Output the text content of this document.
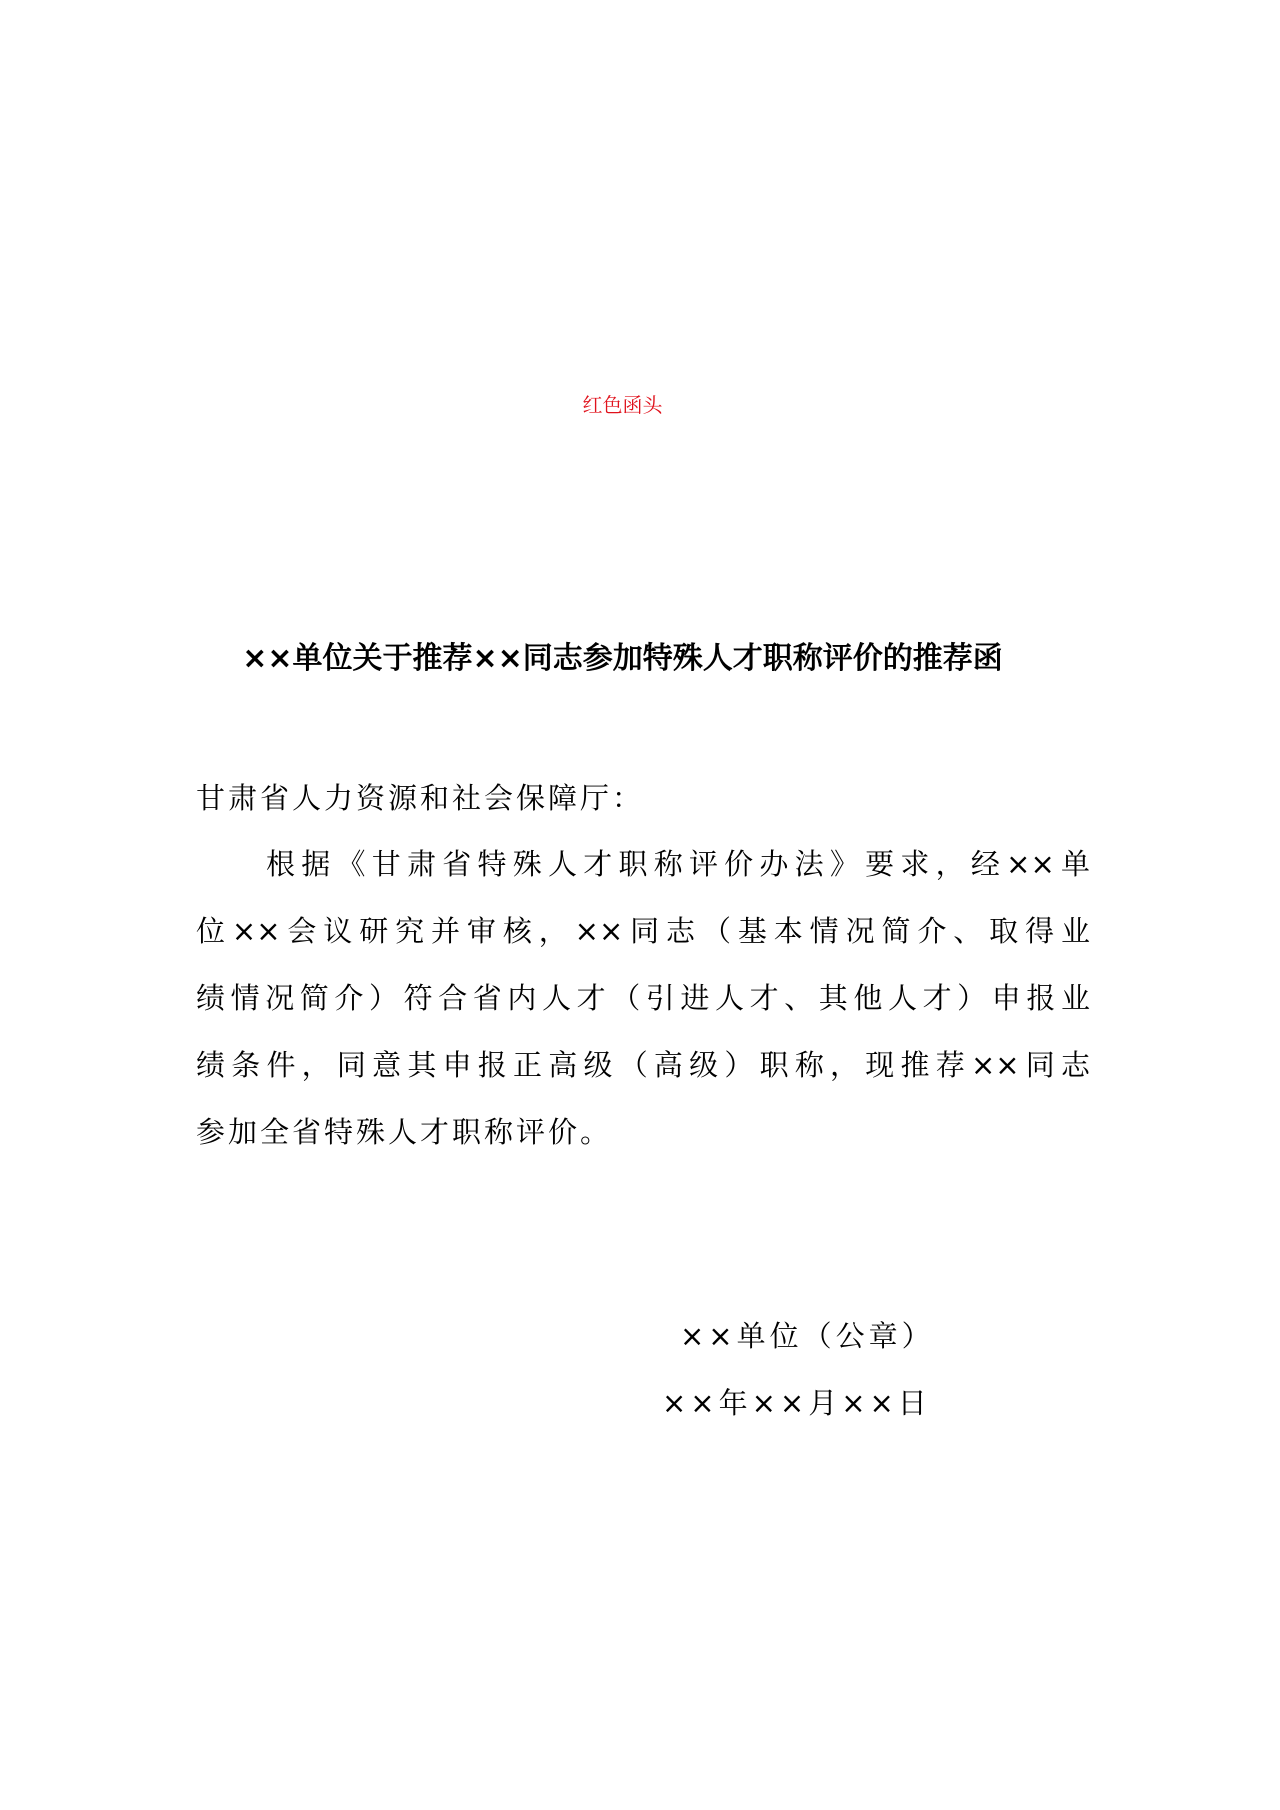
红色函头
××单位关于推荐××同志参加特殊人才职称评价的推荐函
甘肃省人力资源和社会保障厅：
根据《甘肃省特殊人才职称评价办法》要求，经××单
位××会议研究并审核，××同志（基本情况简介、取得业
绩情况简介）符合省内人才（引进人才、其他人才）申报业
绩条件，同意其申报正高级（高级）职称，现推荐××同志
参加全省特殊人才职称评价。
××单位（公章）
××年××月××日
